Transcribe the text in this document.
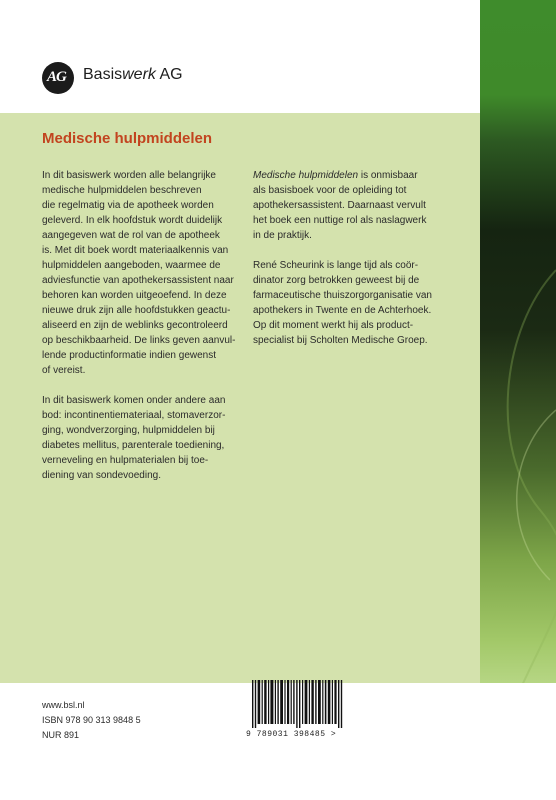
AG Basiswerk AG
Medische hulpmiddelen

In dit basiswerk worden alle belangrijke
medische hulpmiddelen beschreven
die regelmatig via de apotheek worden
geleverd. In elk hoofdstuk wordt duidelijk
aangegeven wat de rol van de apotheek
is. Met dit boek wordt materiaalkennis van
hulpmiddelen aangeboden, waarmee de
adviesfunctie van apothekersassistent naar
behoren kan worden uitgeoefend. In deze
nieuwe druk zijn alle hoofdstukken geactu-
aliseerd en zijn de weblinks gecontroleerd
op beschikbaarheid. De links geven aanvul-
lende productinformatie indien gewenst
of vereist.

In dit basiswerk komen onder andere aan
bod: incontinentiemateriaal, stomaverzor-
ging, wondverzorging, hulpmiddelen bij
diabetes mellitus, parenterale toediening,
verneveling en hulpmaterialen bij toe-
diening van sondevoeding.

Medische hulpmiddelen is onmisbaar
als basisboek voor de opleiding tot
apothekersassistent. Daarnaast vervult
het boek een nuttige rol als naslagwerk
in de praktijk.

René Scheurink is lange tijd als coör-
dinator zorg betrokken geweest bij de
farmaceutische thuiszorgorganisatie van
apothekers in Twente en de Achterhoek.
Op dit moment werkt hij als product-
specialist bij Scholten Medische Groep.

www.bsl.nl
ISBN 978 90 313 9848 5
NUR 891	9 789031 398485 >
